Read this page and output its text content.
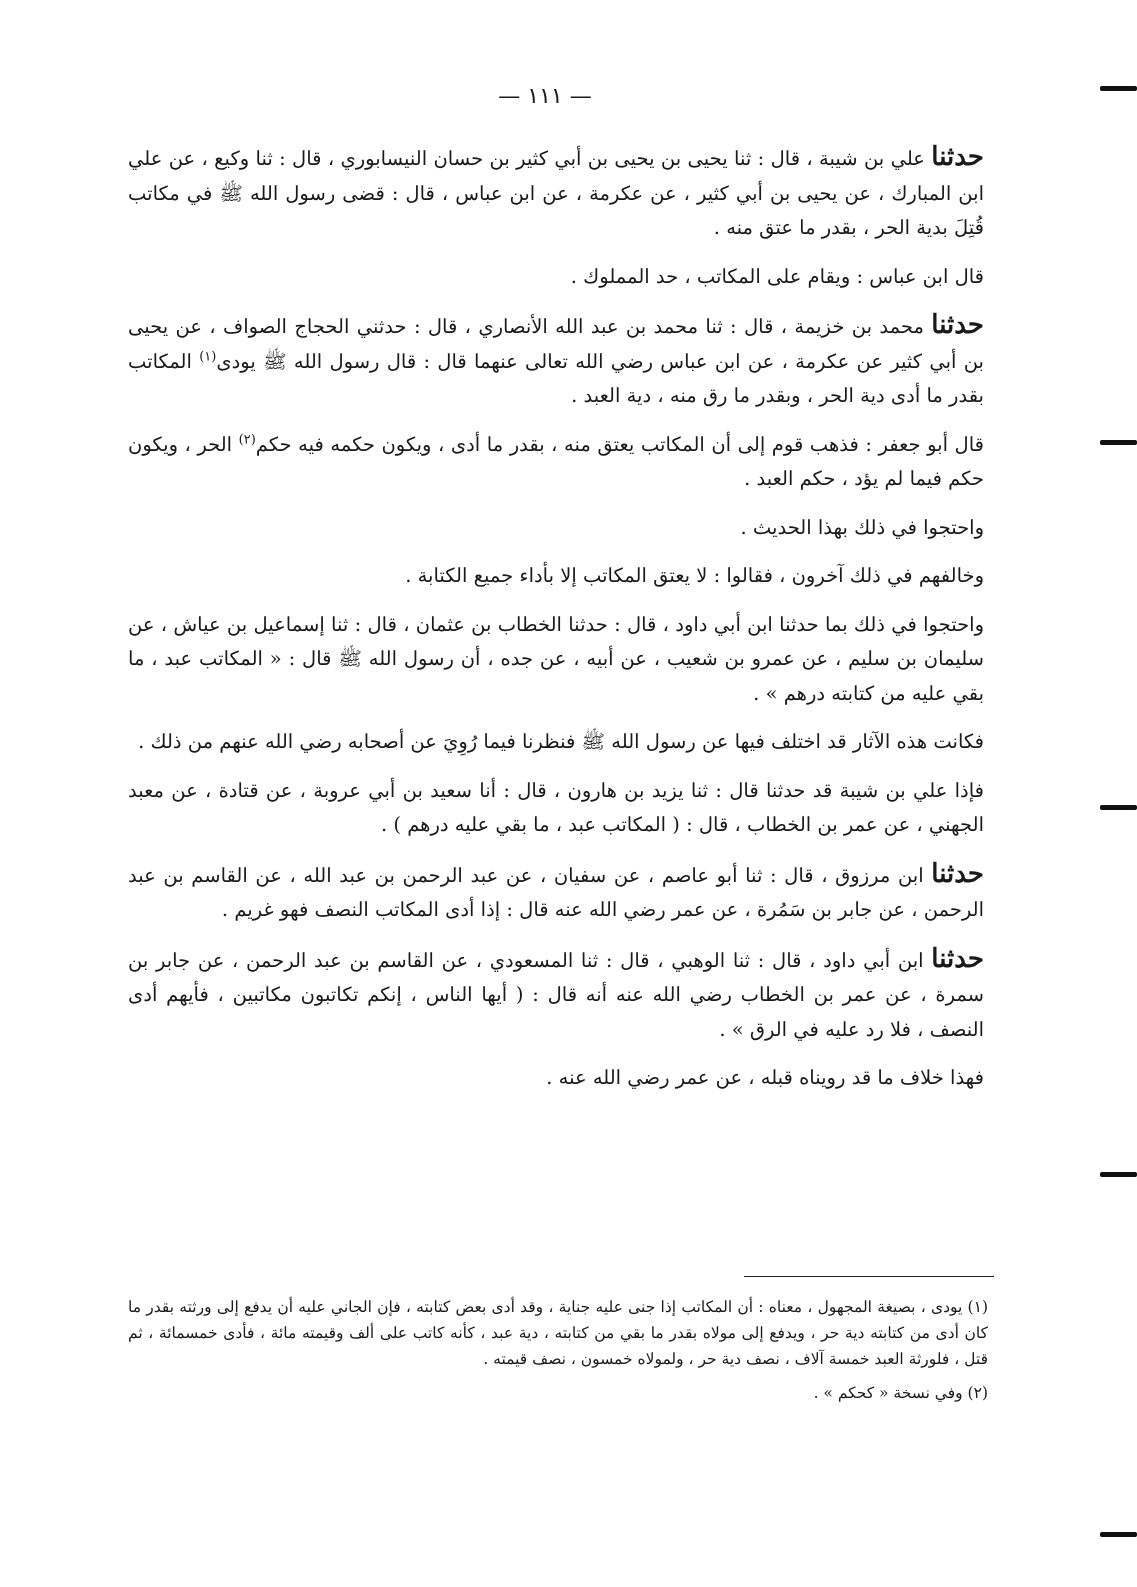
— ١١١ —

حدثنا علي بن شيبة ، قال : ثنا يحيى بن يحيى بن أبي كثير بن حسان النيسابوري ، قال : ثنا وكيع ، عن علي ابن المبارك ، عن يحيى بن أبي كثير ، عن عكرمة ، عن ابن عباس ، قال : قضى رسول الله ﷺ في مكاتب قُتِلَ بدية الحر ، بقدر ما عتق منه .

قال ابن عباس : ويقام على المكاتب ، حد المملوك .

حدثنا محمد بن خزيمة ، قال : ثنا محمد بن عبد الله الأنصاري ، قال : حدثني الحجاج الصواف ، عن يحيى بن أبي كثير عن عكرمة ، عن ابن عباس رضي الله تعالى عنهما قال : قال رسول الله ﷺ يودى$^{(١)}$ المكاتب بقدر ما أدى دية الحر ، وبقدر ما رق منه ، دية العبد .

قال أبو جعفر : فذهب قوم إلى أن المكاتب يعتق منه ، بقدر ما أدى ، ويكون حكمه فيه حكم$^{(٢)}$ الحر ، ويكون حكم فيما لم يؤد ، حكم العبد .

واحتجوا في ذلك بهذا الحديث .

وخالفهم في ذلك آخرون ، فقالوا : لا يعتق المكاتب إلا بأداء جميع الكتابة .

واحتجوا في ذلك بما حدثنا ابن أبي داود ، قال : حدثنا الخطاب بن عثمان ، قال : ثنا إسماعيل بن عياش ، عن سليمان بن سليم ، عن عمرو بن شعيب ، عن أبيه ، عن جده ، أن رسول الله ﷺ قال : « المكاتب عبد ، ما بقي عليه من كتابته درهم » .

فكانت هذه الآثار قد اختلف فيها عن رسول الله ﷺ فنظرنا فيما رُوِيَ عن أصحابه رضي الله عنهم من ذلك .

فإذا علي بن شيبة قد حدثنا قال : ثنا يزيد بن هارون ، قال : أنا سعيد بن أبي عروبة ، عن قتادة ، عن معبد الجهني ، عن عمر بن الخطاب ، قال : ( المكاتب عبد ، ما بقي عليه درهم ) .

حدثنا ابن مرزوق ، قال : ثنا أبو عاصم ، عن سفيان ، عن عبد الرحمن بن عبد الله ، عن القاسم بن عبد الرحمن ، عن جابر بن سَمُرة ، عن عمر رضي الله عنه قال : إذا أدى المكاتب النصف فهو غريم .

حدثنا ابن أبي داود ، قال : ثنا الوهبي ، قال : ثنا المسعودي ، عن القاسم بن عبد الرحمن ، عن جابر بن سمرة ، عن عمر بن الخطاب رضي الله عنه أنه قال : ( أيها الناس ، إنكم تكاتبون مكاتبين ، فأيهم أدى النصف ، فلا رد عليه في الرق » .

فهذا خلاف ما قد رويناه قبله ، عن عمر رضي الله عنه .

(١) يودى ، بصيغة المجهول ، معناه : أن المكاتب إذا جنى عليه جناية ، وقد أدى بعض كتابته ، فإن الجاني عليه أن يدفع إلى ورثته بقدر ما كان أدى من كتابته دية حر ، ويدفع إلى مولاه بقدر ما بقي من كتابته ، دية عبد ، كأنه كاتب على ألف وقيمته مائة ، فأدى خمسمائة ، ثم قتل ، فلورثة العبد خمسة آلاف ، نصف دية حر ، ولمولاه خمسون ، نصف قيمته .

(٢) وفي نسخة « كحكم » .
